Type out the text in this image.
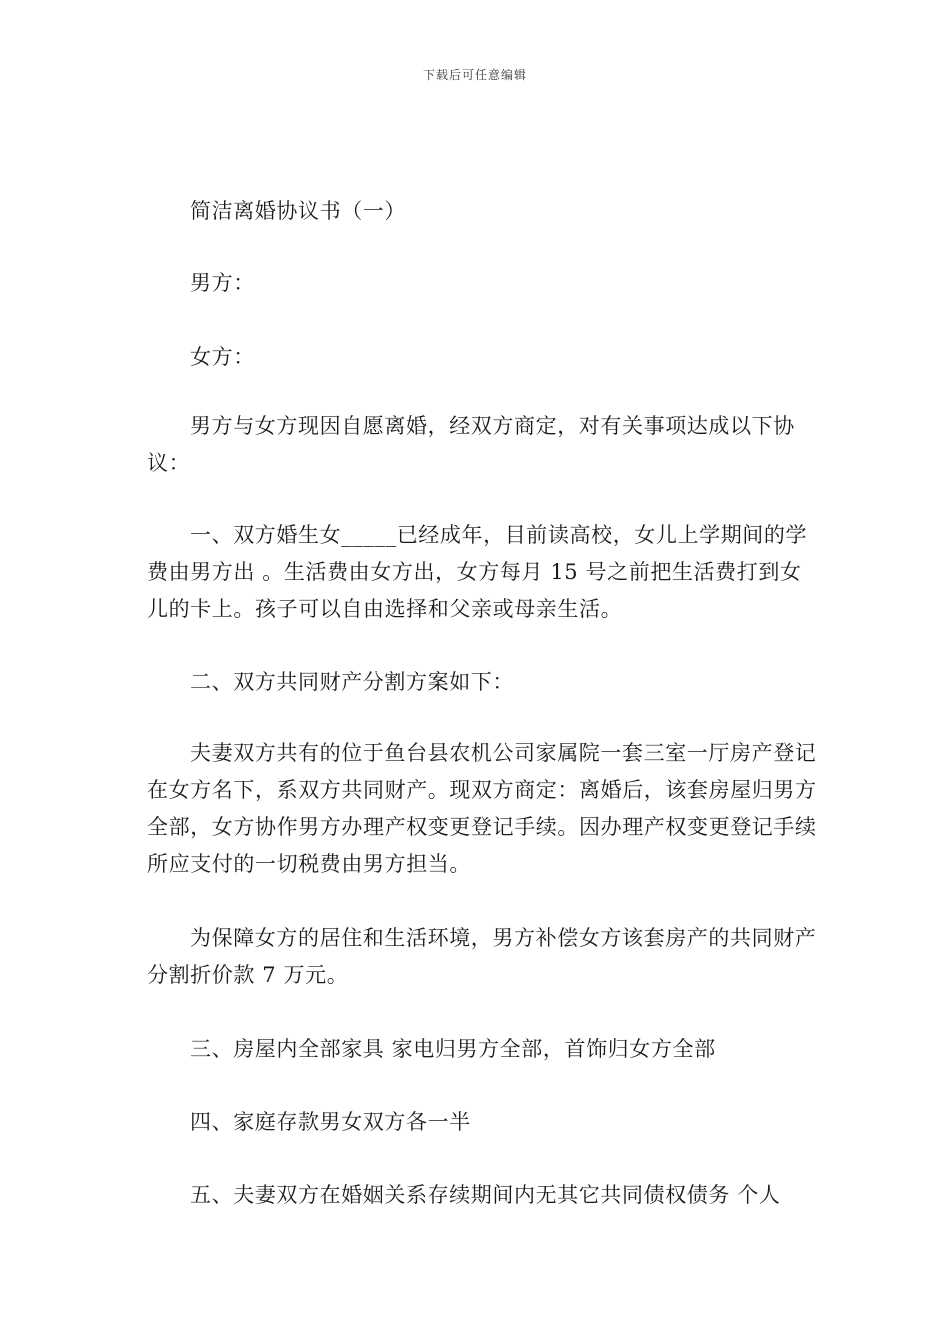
下载后可任意编辑
简洁离婚协议书（一）
男方：
女方：
男方与女方现因自愿离婚，经双方商定，对有关事项达成以下协议：
一、双方婚生女_____已经成年，目前读高校，女儿上学期间的学费由男方出 。生活费由女方出，女方每月 15 号之前把生活费打到女儿的卡上。孩子可以自由选择和父亲或母亲生活。
二、双方共同财产分割方案如下：
夫妻双方共有的位于鱼台县农机公司家属院一套三室一厅房产登记在女方名下，系双方共同财产。现双方商定：离婚后，该套房屋归男方全部，女方协作男方办理产权变更登记手续。因办理产权变更登记手续所应支付的一切税费由男方担当。
为保障女方的居住和生活环境，男方补偿女方该套房产的共同财产分割折价款 7 万元。
三、房屋内全部家具 家电归男方全部，首饰归女方全部
四、家庭存款男女双方各一半
五、夫妻双方在婚姻关系存续期间内无其它共同债权债务 个人
